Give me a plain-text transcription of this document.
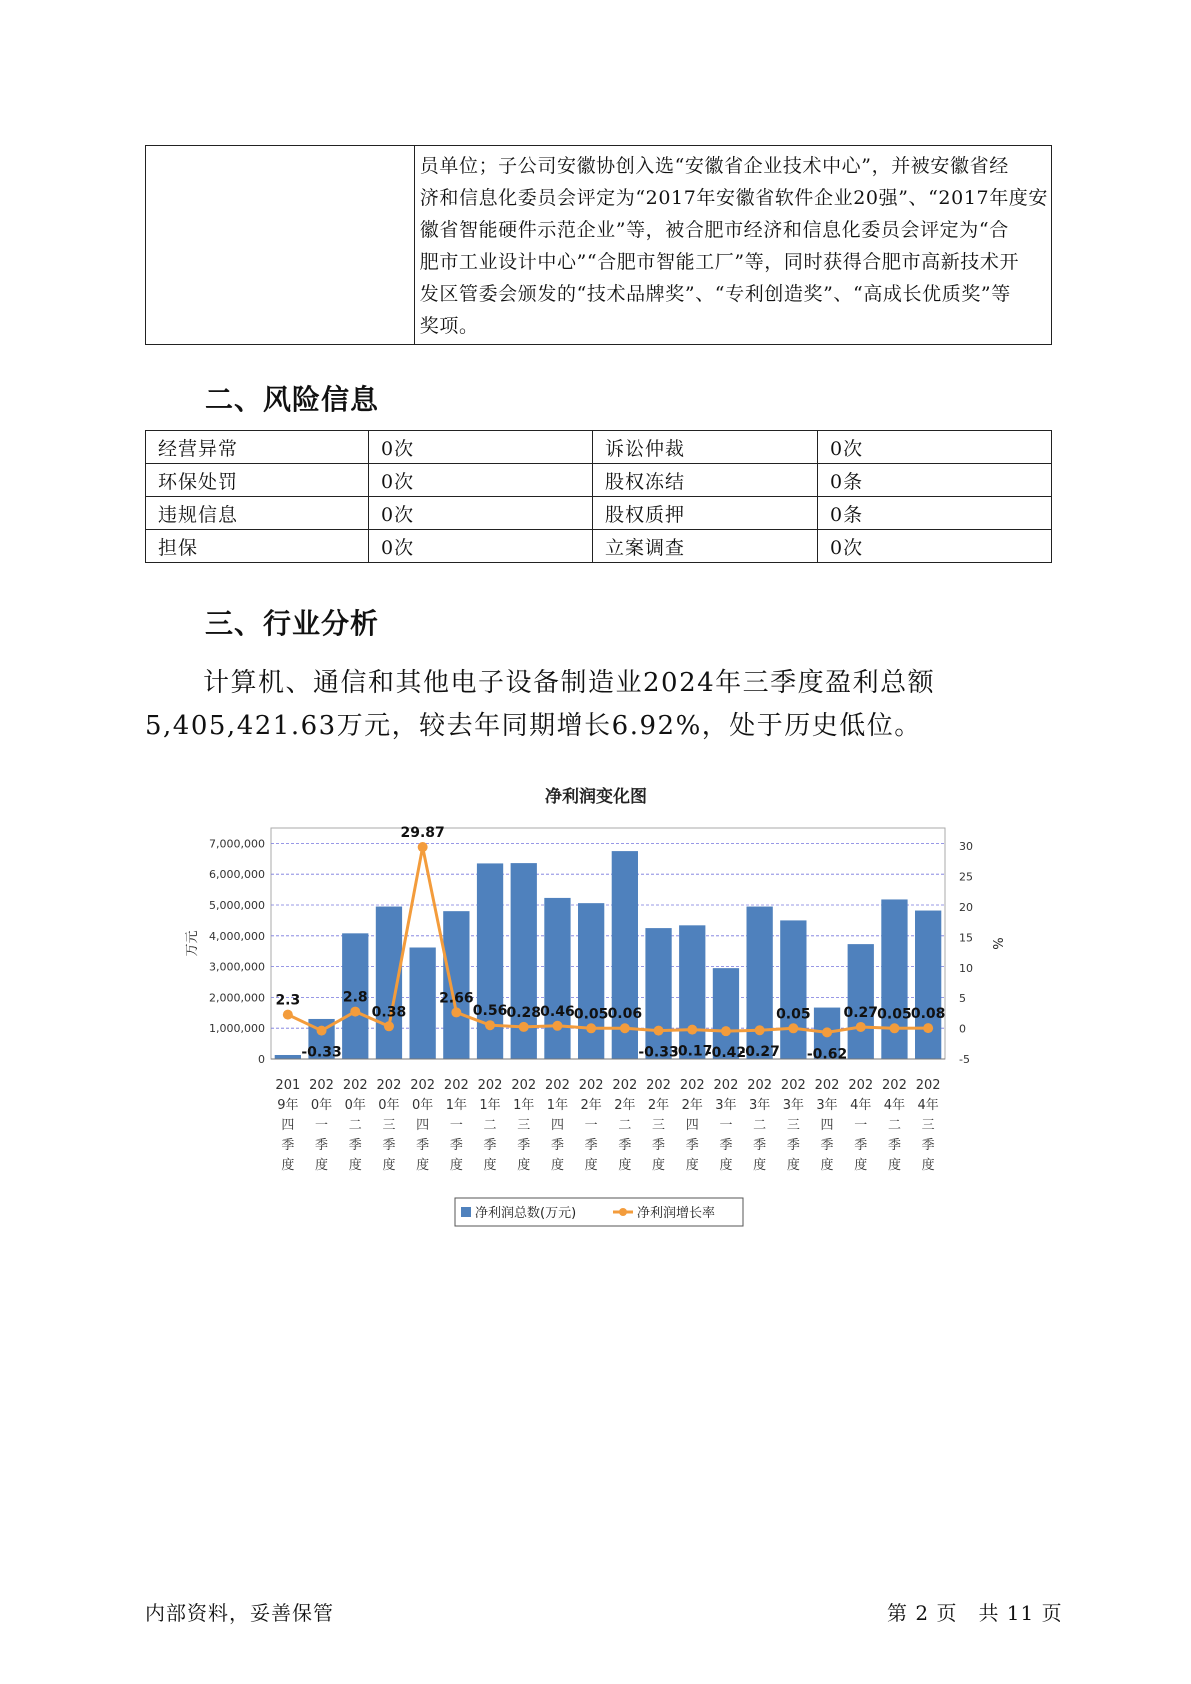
员单位；子公司安徽协创入选“安徽省企业技术中心”，并被安徽省经
济和信息化委员会评定为“2017年安徽省软件企业20强”、“2017年度安
徽省智能硬件示范企业”等，被合肥市经济和信息化委员会评定为“合
肥市工业设计中心”“合肥市智能工厂”等，同时获得合肥市高新技术开
发区管委会颁发的“技术品牌奖”、“专利创造奖”、“高成长优质奖”等
奖项。
二、风险信息
经营异常	0次	诉讼仲裁	0次
环保处罚	0次	股权冻结	0条
违规信息	0次	股权质押	0条
担保	0次	立案调查	0次
三、行业分析
计算机、通信和其他电子设备制造业2024年三季度盈利总额
5,405,421.63万元，较去年同期增长6.92%，处于历史低位。
净利润变化图
0
1,000,000
2,000,000
3,000,000
4,000,000
5,000,000
6,000,000
7,000,000
-5
0
5
10
15
20
25
30
万元	%
201
9年
四
季
度
202
0年
一
季
度
202
0年
二
季
度
202
0年
三
季
度
202
0年
四
季
度
202
1年
一
季
度
202
1年
二
季
度
202
1年
三
季
度
202
1年
四
季
度
202
2年
一
季
度
202
2年
二
季
度
202
2年
三
季
度
202
2年
四
季
度
202
3年
一
季
度
202
3年
二
季
度
202
3年
三
季
度
202
3年
四
季
度
202
4年
一
季
度
202
4年
二
季
度
202
4年
三
季
度
2.3
-0.33
2.8
0.38
29.87
2.66
0.56 0.28 0.46 0.05 0.06
-0.33
-0.17
-0.42
-0.27
0.05
-0.62
0.27 0.05 0.08
净利润总数(万元)	净利润增长率
内部资料，妥善保管	第 2 页　共 11 页
